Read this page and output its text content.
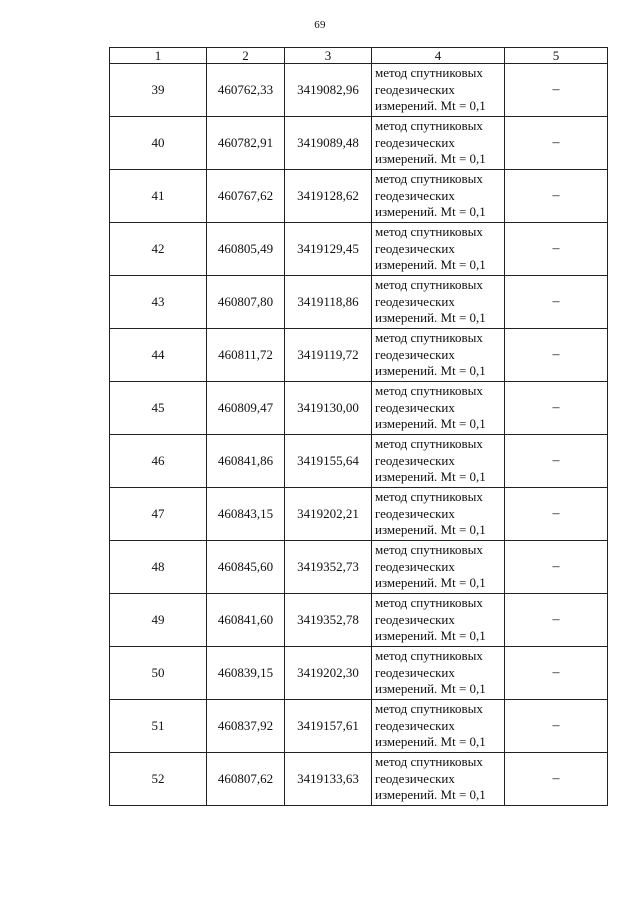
69
1	2	3	4	5
39	460762,33	3419082,96	метод спутниковых
геодезических
измерений. Mt = 0,1	–
40	460782,91	3419089,48	метод спутниковых
геодезических
измерений. Mt = 0,1	–
41	460767,62	3419128,62	метод спутниковых
геодезических
измерений. Mt = 0,1	–
42	460805,49	3419129,45	метод спутниковых
геодезических
измерений. Mt = 0,1	–
43	460807,80	3419118,86	метод спутниковых
геодезических
измерений. Mt = 0,1	–
44	460811,72	3419119,72	метод спутниковых
геодезических
измерений. Mt = 0,1	–
45	460809,47	3419130,00	метод спутниковых
геодезических
измерений. Mt = 0,1	–
46	460841,86	3419155,64	метод спутниковых
геодезических
измерений. Mt = 0,1	–
47	460843,15	3419202,21	метод спутниковых
геодезических
измерений. Mt = 0,1	–
48	460845,60	3419352,73	метод спутниковых
геодезических
измерений. Mt = 0,1	–
49	460841,60	3419352,78	метод спутниковых
геодезических
измерений. Mt = 0,1	–
50	460839,15	3419202,30	метод спутниковых
геодезических
измерений. Mt = 0,1	–
51	460837,92	3419157,61	метод спутниковых
геодезических
измерений. Mt = 0,1	–
52	460807,62	3419133,63	метод спутниковых
геодезических
измерений. Mt = 0,1	–
